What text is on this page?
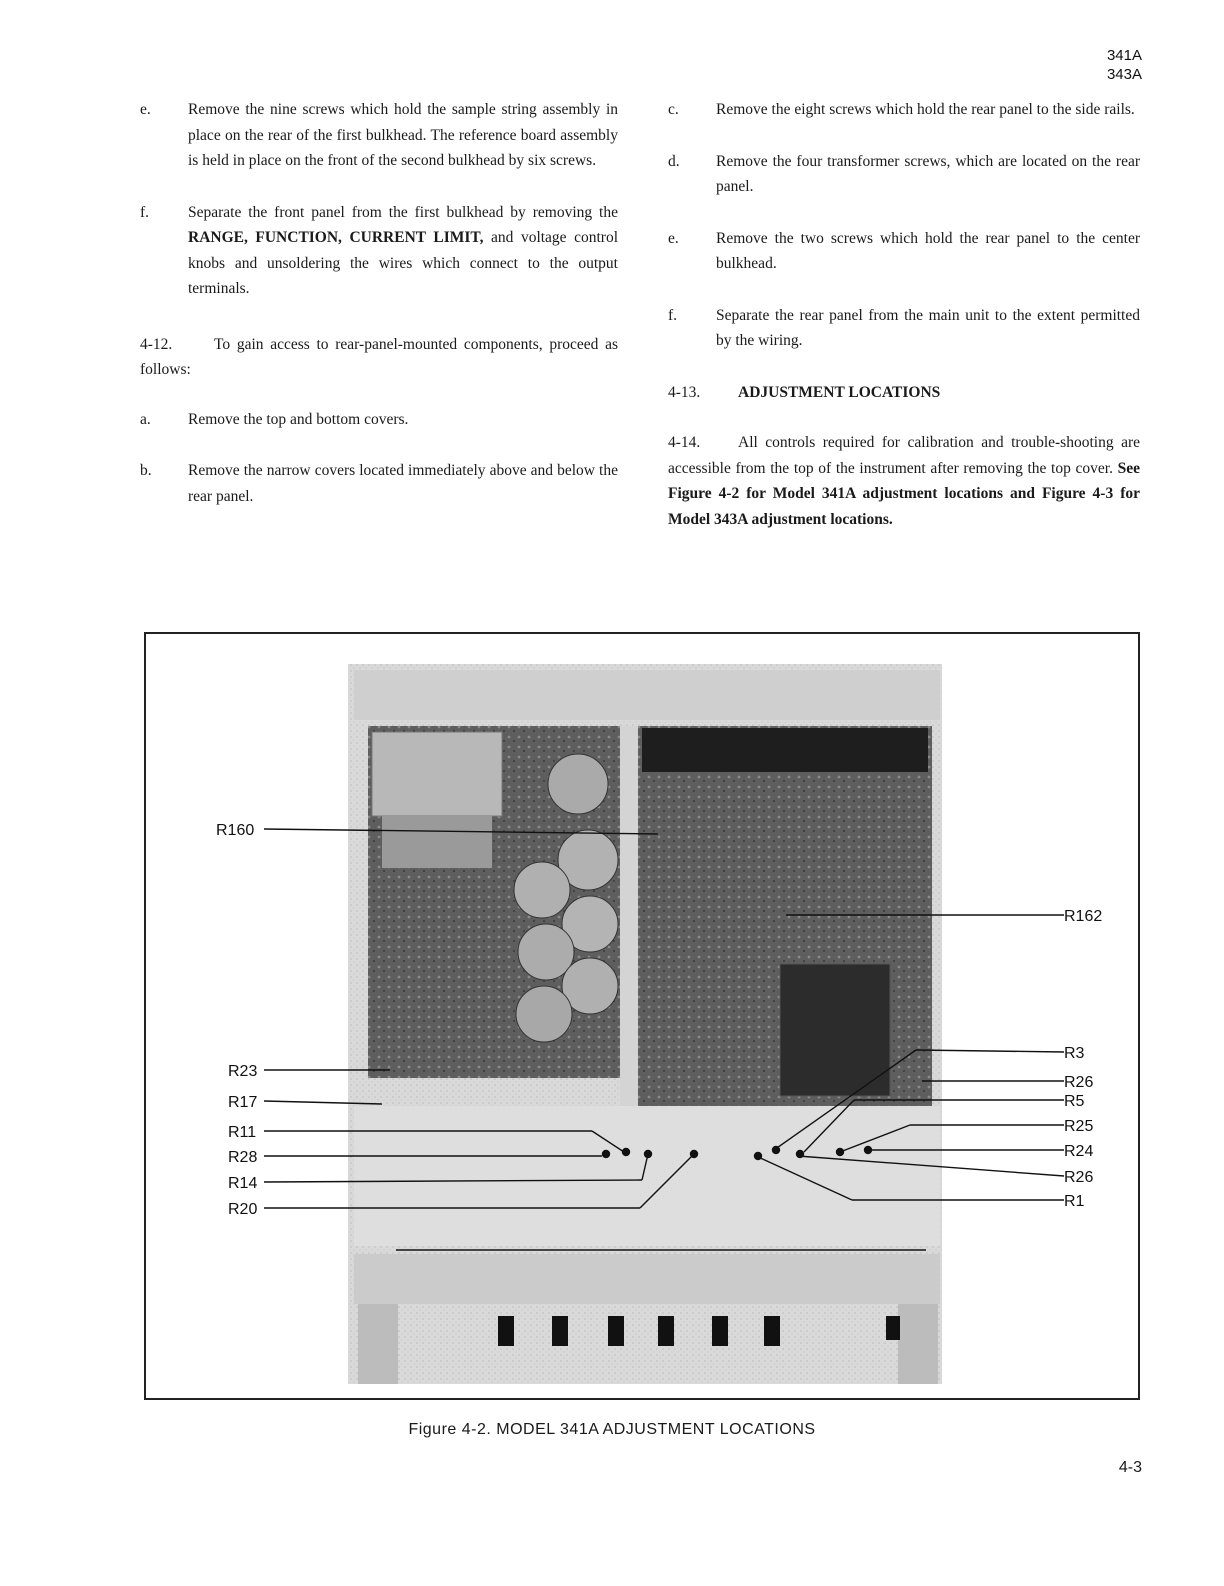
341A
343A
e. Remove the nine screws which hold the sample string assembly in place on the rear of the first bulkhead. The reference board assembly is held in place on the front of the second bulkhead by six screws.
f.	Separate the front panel from the first bulkhead by removing the RANGE, FUNCTION, CURRENT LIMIT, and voltage control knobs and unsoldering the wires which connect to the output terminals.
4-12.	To gain access to rear-panel-mounted components, proceed as follows:
a. Remove the top and bottom covers.
b. Remove the narrow covers located immediately above and below the rear panel.
c. Remove the eight screws which hold the rear panel to the side rails.
d. Remove the four transformer screws, which are located on the rear panel.
e. Remove the two screws which hold the rear panel to the center bulkhead.
f.	Separate the rear panel from the main unit to the extent permitted by the wiring.
4-13. ADJUSTMENT LOCATIONS
4-14. All controls required for calibration and trouble-shooting are accessible from the top of the instrument after removing the top cover. See Figure 4-2 for Model 341A adjustment locations and Figure 4-3 for Model 343A adjustment locations.
R160
R23
R17
R11
R28
R14
R20
R162
R3
R26
R5
R25
R24
R26
R1
Figure 4-2. MODEL 341A ADJUSTMENT LOCATIONS
4-3
